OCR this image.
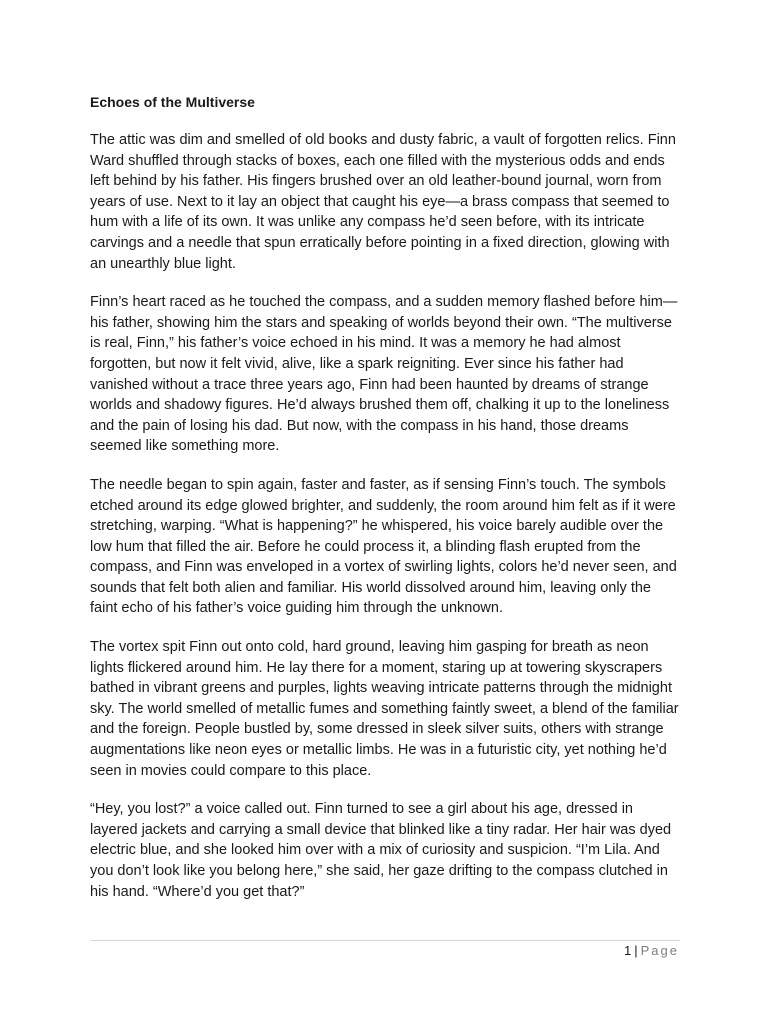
Echoes of the Multiverse

The attic was dim and smelled of old books and dusty fabric, a vault of forgotten relics. Finn Ward shuffled through stacks of boxes, each one filled with the mysterious odds and ends left behind by his father. His fingers brushed over an old leather-bound journal, worn from years of use. Next to it lay an object that caught his eye—a brass compass that seemed to hum with a life of its own. It was unlike any compass he’d seen before, with its intricate carvings and a needle that spun erratically before pointing in a fixed direction, glowing with an unearthly blue light.

Finn’s heart raced as he touched the compass, and a sudden memory flashed before him—his father, showing him the stars and speaking of worlds beyond their own. “The multiverse is real, Finn,” his father’s voice echoed in his mind. It was a memory he had almost forgotten, but now it felt vivid, alive, like a spark reigniting. Ever since his father had vanished without a trace three years ago, Finn had been haunted by dreams of strange worlds and shadowy figures. He’d always brushed them off, chalking it up to the loneliness and the pain of losing his dad. But now, with the compass in his hand, those dreams seemed like something more.

The needle began to spin again, faster and faster, as if sensing Finn’s touch. The symbols etched around its edge glowed brighter, and suddenly, the room around him felt as if it were stretching, warping. “What is happening?” he whispered, his voice barely audible over the low hum that filled the air. Before he could process it, a blinding flash erupted from the compass, and Finn was enveloped in a vortex of swirling lights, colors he’d never seen, and sounds that felt both alien and familiar. His world dissolved around him, leaving only the faint echo of his father’s voice guiding him through the unknown.

The vortex spit Finn out onto cold, hard ground, leaving him gasping for breath as neon lights flickered around him. He lay there for a moment, staring up at towering skyscrapers bathed in vibrant greens and purples, lights weaving intricate patterns through the midnight sky. The world smelled of metallic fumes and something faintly sweet, a blend of the familiar and the foreign. People bustled by, some dressed in sleek silver suits, others with strange augmentations like neon eyes or metallic limbs. He was in a futuristic city, yet nothing he’d seen in movies could compare to this place.

“Hey, you lost?” a voice called out. Finn turned to see a girl about his age, dressed in layered jackets and carrying a small device that blinked like a tiny radar. Her hair was dyed electric blue, and she looked him over with a mix of curiosity and suspicion. “I’m Lila. And you don’t look like you belong here,” she said, her gaze drifting to the compass clutched in his hand. “Where’d you get that?”

1 | Page
